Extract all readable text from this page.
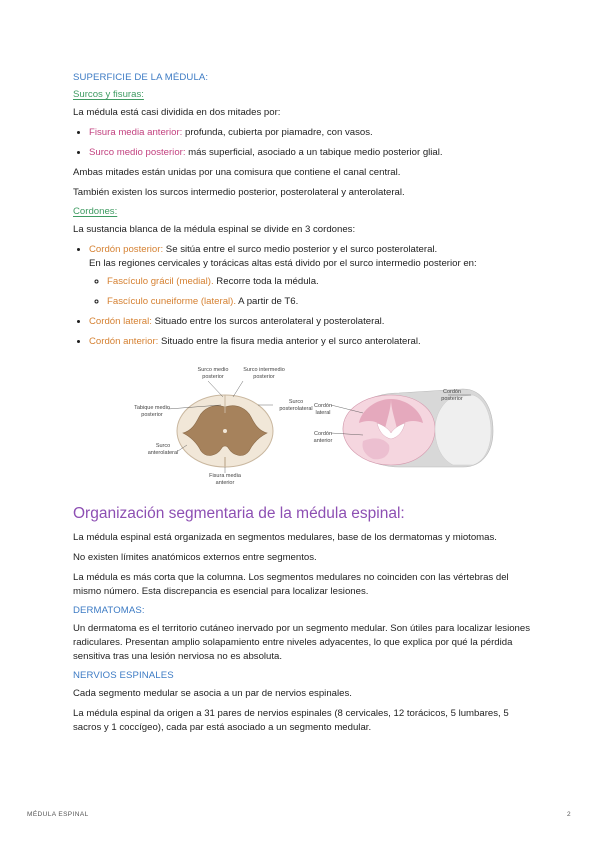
SUPERFICIE DE LA MÉDULA:
Surcos y fisuras:

La médula está casi dividida en dos mitades por:

• Fisura media anterior: profunda, cubierta por piamadre, con vasos.
• Surco medio posterior: más superficial, asociado a un tabique medio posterior glial.

Ambas mitades están unidas por una comisura que contiene el canal central.

También existen los surcos intermedio posterior, posterolateral y anterolateral.

Cordones:

La sustancia blanca de la médula espinal se divide en 3 cordones:

• Cordón posterior: Se sitúa entre el surco medio posterior y el surco posterolateral.
En las regiones cervicales y torácicas altas está divido por el surco intermedio posterior en:
◦ Fascículo grácil (medial). Recorre toda la médula.
◦ Fascículo cuneiforme (lateral). A partir de T6.
• Cordón lateral: Situado entre los surcos anterolateral y posterolateral.
• Cordón anterior: Situado entre la fisura media anterior y el surco anterolateral.
Surco medio
posterior
Surco intermedio
posterior
Tabique medio
posterior
Surco
posterolateral
Surco
anterolateral
Fisura media
anterior
Cordón
lateral
Cordón
anterior
Cordón
posterior
Organización segmentaria de la médula espinal:

La médula espinal está organizada en segmentos medulares, base de los dermatomas y miotomas.

No existen límites anatómicos externos entre segmentos.

La médula es más corta que la columna. Los segmentos medulares no coinciden con las vértebras del mismo número. Esta discrepancia es esencial para localizar lesiones.

DERMATOMAS:

Un dermatoma es el territorio cutáneo inervado por un segmento medular. Son útiles para localizar lesiones radiculares. Presentan amplio solapamiento entre niveles adyacentes, lo que explica por qué la pérdida sensitiva tras una lesión nerviosa no es absoluta.

NERVIOS ESPINALES

Cada segmento medular se asocia a un par de nervios espinales.

La médula espinal da origen a 31 pares de nervios espinales (8 cervicales, 12 torácicos, 5 lumbares, 5 sacros y 1 coccígeo), cada par está asociado a un segmento medular.

MÉDULA ESPINAL	2
